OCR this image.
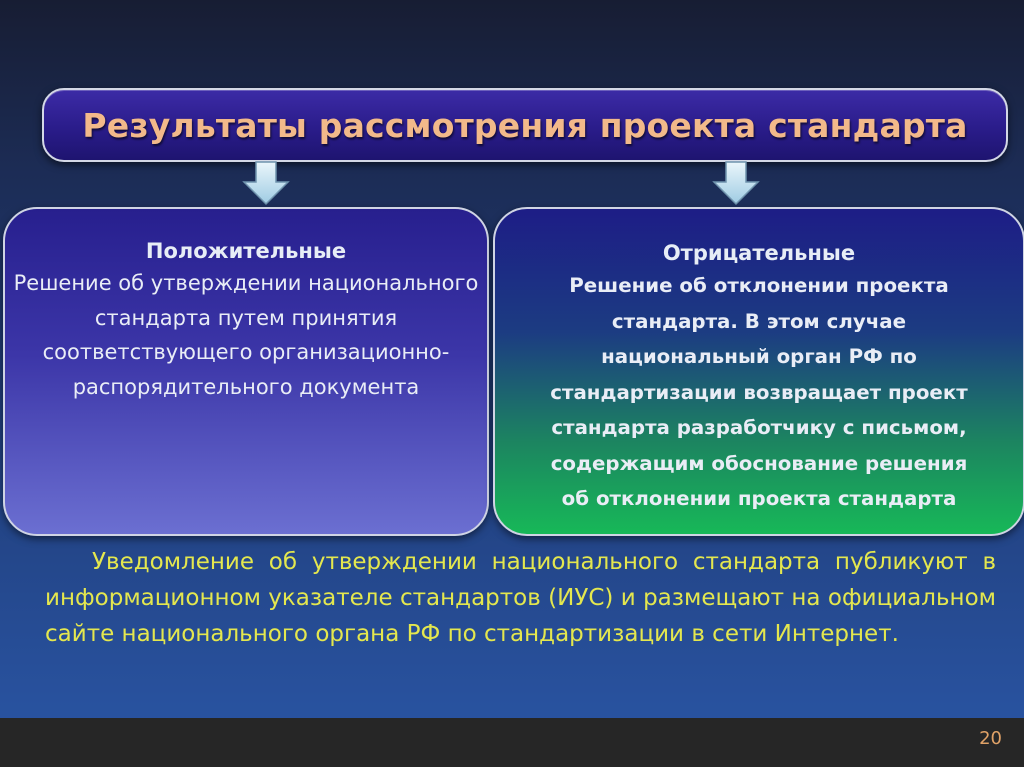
Результаты рассмотрения проекта стандарта
Положительные
Решение об утверждении национального стандарта путем принятия соответствующего организационно-распорядительного документа
Отрицательные
Решение об отклонении проекта
стандарта. В этом случае
национальный орган РФ по
стандартизации возвращает проект
стандарта разработчику с письмом,
содержащим обоснование решения
об отклонении проекта стандарта
Уведомление об утверждении национального стандарта публикуют в информационном указателе стандартов (ИУС) и размещают на официальном сайте национального органа РФ по стандартизации в сети Интернет.
20
